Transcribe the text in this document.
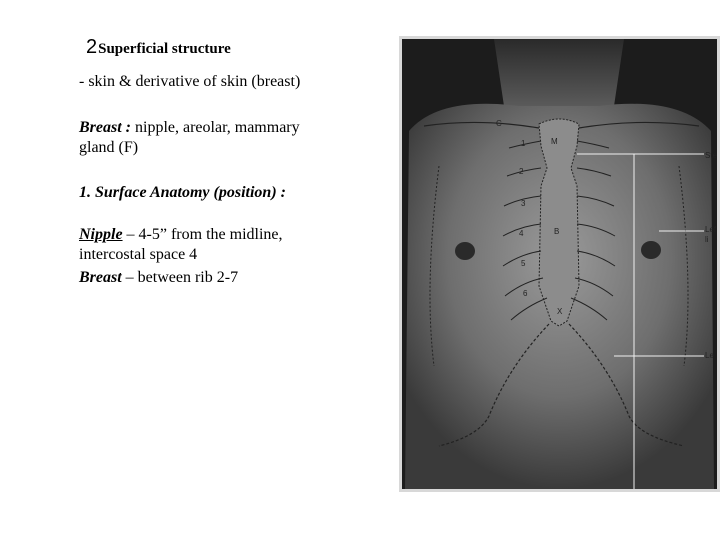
2Superficial structure
- skin & derivative of skin (breast)
Breast : nipple, areolar, mammary
gland (F)
1. Surface Anatomy (position) :
Nipple – 4-5” from the midline,
intercostal space 4
Breast – between rib 2-7
1
2
3
4
5
6
C
M
B
X
Ste
Lef
li
Le
